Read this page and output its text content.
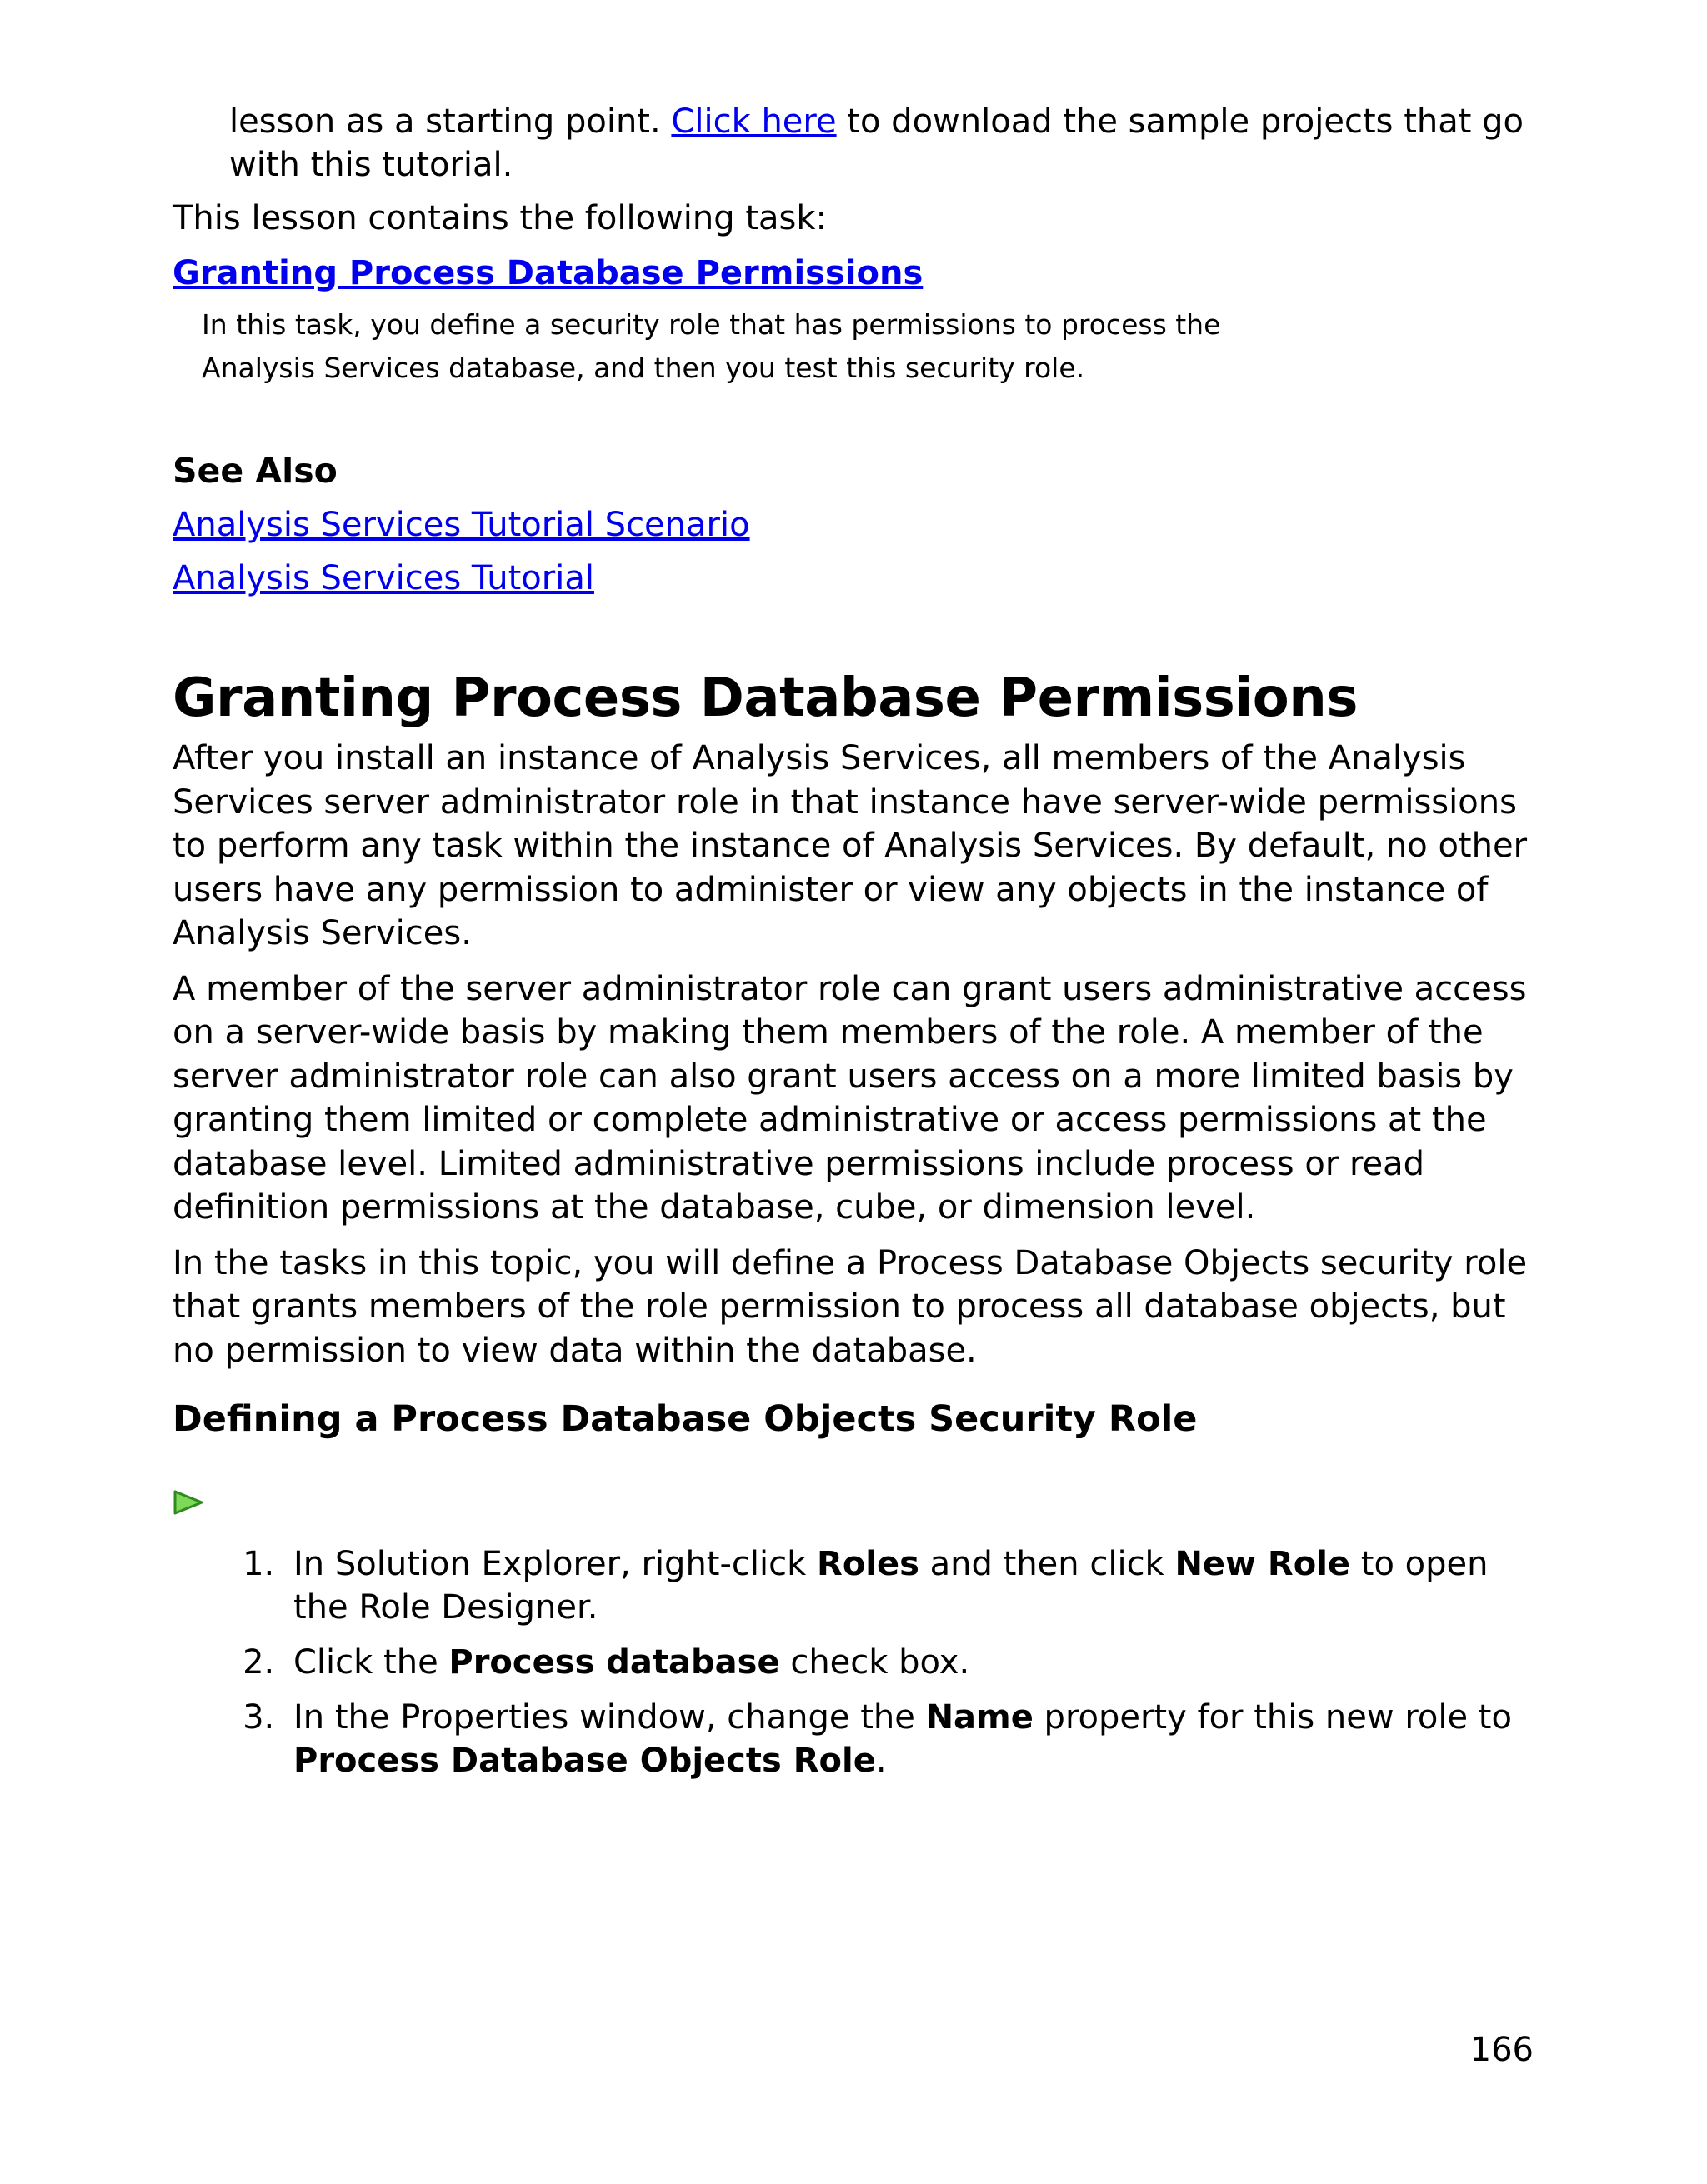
lesson as a starting point. Click here to download the sample projects that go with this tutorial.

This lesson contains the following task:

Granting Process Database Permissions

In this task, you define a security role that has permissions to process the Analysis Services database, and then you test this security role.

See Also
Analysis Services Tutorial Scenario
Analysis Services Tutorial
Granting Process Database Permissions

After you install an instance of Analysis Services, all members of the Analysis Services server administrator role in that instance have server-wide permissions to perform any task within the instance of Analysis Services. By default, no other users have any permission to administer or view any objects in the instance of Analysis Services.

A member of the server administrator role can grant users administrative access on a server-wide basis by making them members of the role. A member of the server administrator role can also grant users access on a more limited basis by granting them limited or complete administrative or access permissions at the database level. Limited administrative permissions include process or read definition permissions at the database, cube, or dimension level.

In the tasks in this topic, you will define a Process Database Objects security role that grants members of the role permission to process all database objects, but no permission to view data within the database.

Defining a Process Database Objects Security Role
1. In Solution Explorer, right-click Roles and then click New Role to open the Role Designer.
2. Click the Process database check box.
3. In the Properties window, change the Name property for this new role to Process Database Objects Role.
166
